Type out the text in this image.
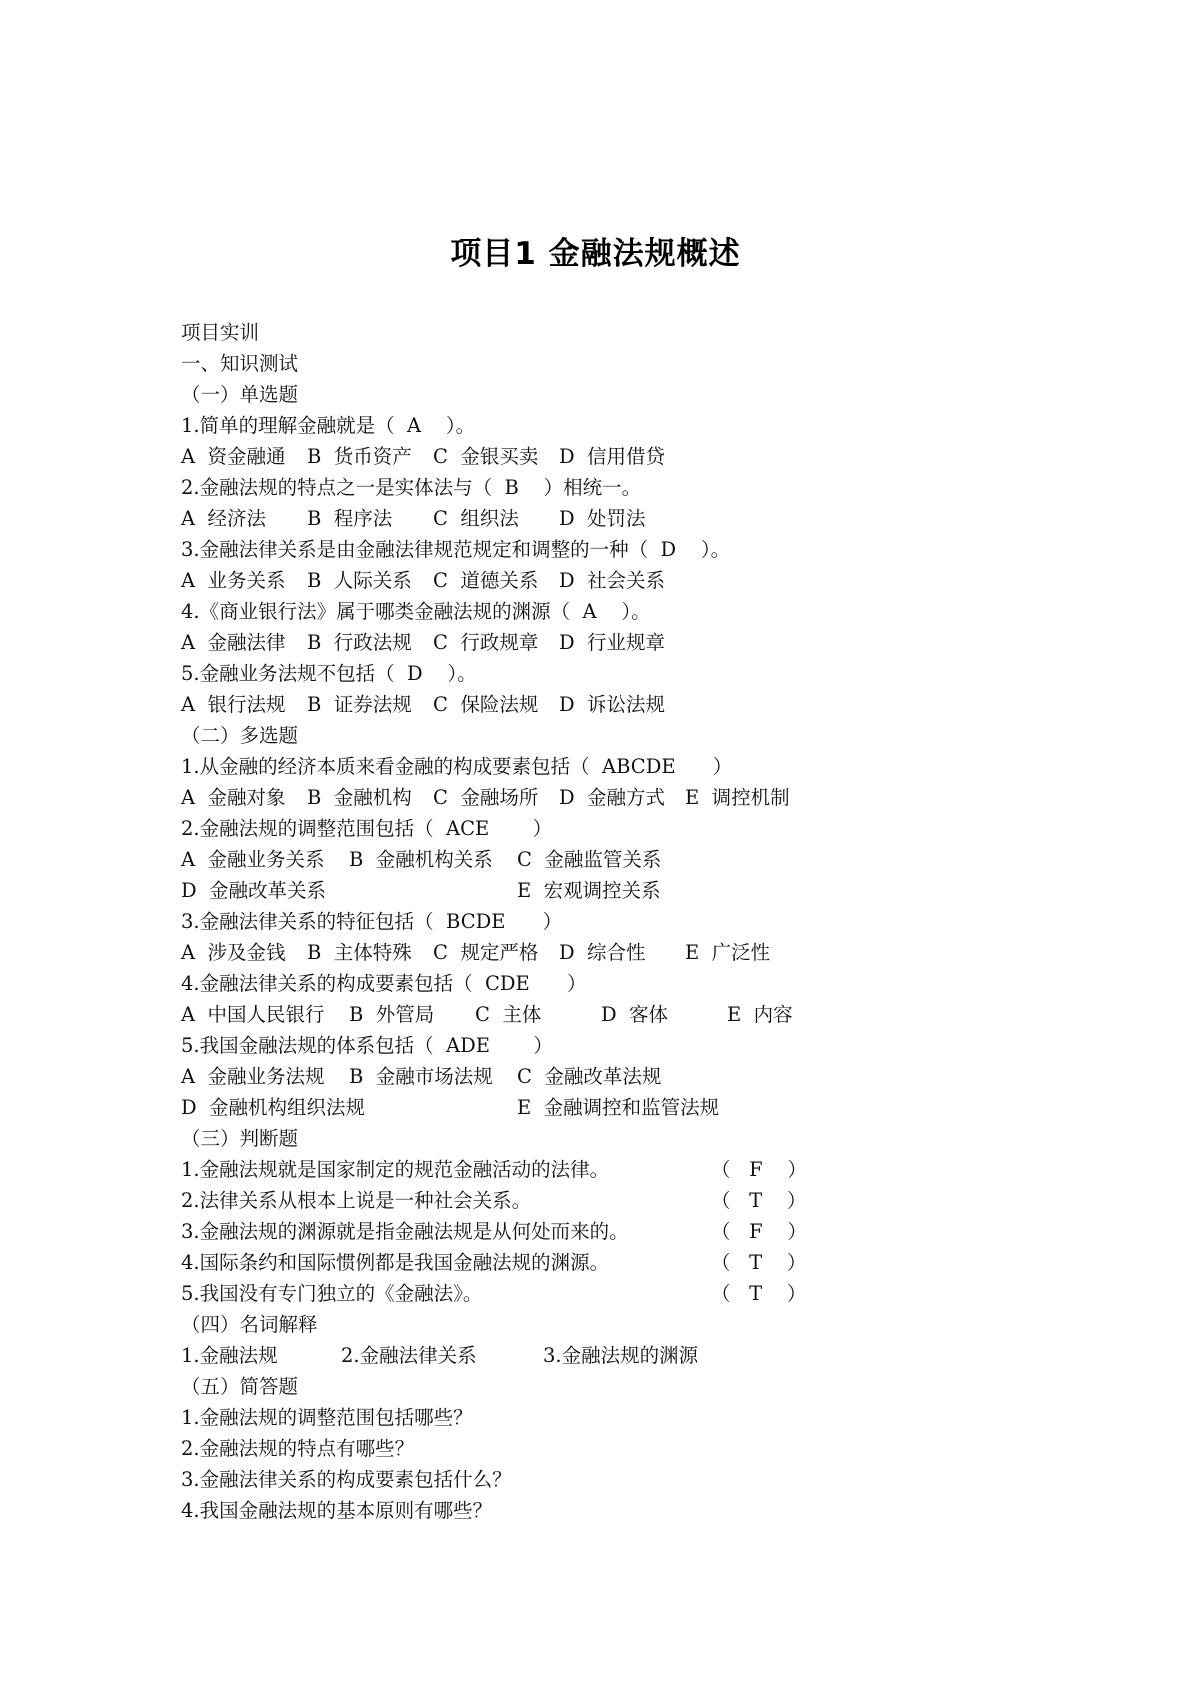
项目1 金融法规概述
项目实训
一、知识测试
（一）单选题
1.简单的理解金融就是（  A    ）。

A  资金融通

B  货币资产

C  金银买卖

D  信用借贷

2.金融法规的特点之一是实体法与（  B    ）相统一。

A  经济法

B  程序法

C  组织法

D  处罚法

3.金融法律关系是由金融法律规范规定和调整的一种（  D    ）。

A  业务关系

B  人际关系

C  道德关系

D  社会关系

4.《商业银行法》属于哪类金融法规的渊源（  A    ）。

A  金融法律

B  行政法规

C  行政规章

D  行业规章

5.金融业务法规不包括（  D    ）。

A  银行法规

B  证券法规

C  保险法规

D  诉讼法规

（二）多选题
1.从金融的经济本质来看金融的构成要素包括（  ABCDE      ）

A  金融对象

B  金融机构

C  金融场所

D  金融方式

E  调控机制

2.金融法规的调整范围包括（  ACE       ）

A  金融业务关系

B  金融机构关系

C  金融监管关系

D  金融改革关系

	E  宏观调控关系

3.金融法律关系的特征包括（  BCDE      ）

A  涉及金钱

B  主体特殊

C  规定严格

D  综合性

E  广泛性

4.金融法律关系的构成要素包括（  CDE      ）

A  中国人民银行

B  外管局

C  主体

	D  客体

	E  内容

5.我国金融法规的体系包括（  ADE       ）

A  金融业务法规

B  金融市场法规

C  金融改革法规

D  金融机构组织法规

	E  金融调控和监管法规

（三）判断题

1.金融法规就是国家制定的规范金融活动的法律。

	（   F    ）

2.法律关系从根本上说是一种社会关系。

	（   T    ）

3.金融法规的渊源就是指金融法规是从何处而来的。

	（   F    ）

4.国际条约和国际惯例都是我国金融法规的渊源。

	（   T    ）

5.我国没有专门独立的《金融法》。

	（   T    ）

（四）名词解释

1.金融法规

	2.金融法律关系

	3.金融法规的渊源

（五）简答题
1.金融法规的调整范围包括哪些？
2.金融法规的特点有哪些？
3.金融法律关系的构成要素包括什么？
4.我国金融法规的基本原则有哪些？
